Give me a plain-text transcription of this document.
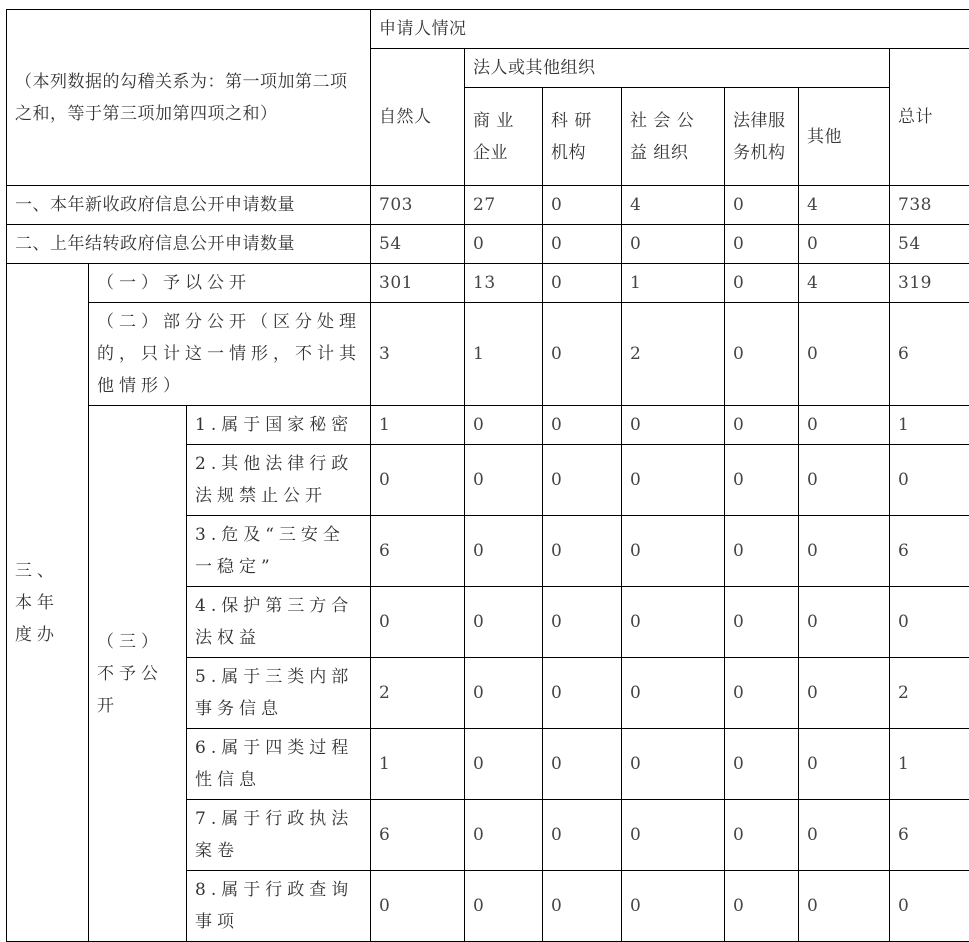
（本列数据的勾稽关系为：第一项加第二项之和，等于第三项加第四项之和）			申请人情况						
			自然人	法人或其他组织					总计
				商 业 企业	科 研 机构	社 会 公 益 组织	法律服务机构	其他	
一、本年新收政府信息公开申请数量			703	27	0	4	0	4	738
二、上年结转政府信息公开申请数量			54	0	0	0	0	0	54
三、本年度办	（一）予以公开		301	13	0	1	0	4	319
	（二）部分公开（区分处理的，只计这一情形，不计其他情形）		3	1	0	2	0	0	6
	（三）不予公开	1.属于国家秘密	1	0	0	0	0	0	1
		2.其他法律行政法规禁止公开	0	0	0	0	0	0	0
		3.危及“三安全一稳定”	6	0	0	0	0	0	6
		4.保护第三方合法权益	0	0	0	0	0	0	0
		5.属于三类内部事务信息	2	0	0	0	0	0	2
		6.属于四类过程性信息	1	0	0	0	0	0	1
		7.属于行政执法案卷	6	0	0	0	0	0	6
		8.属于行政查询事项	0	0	0	0	0	0	0
